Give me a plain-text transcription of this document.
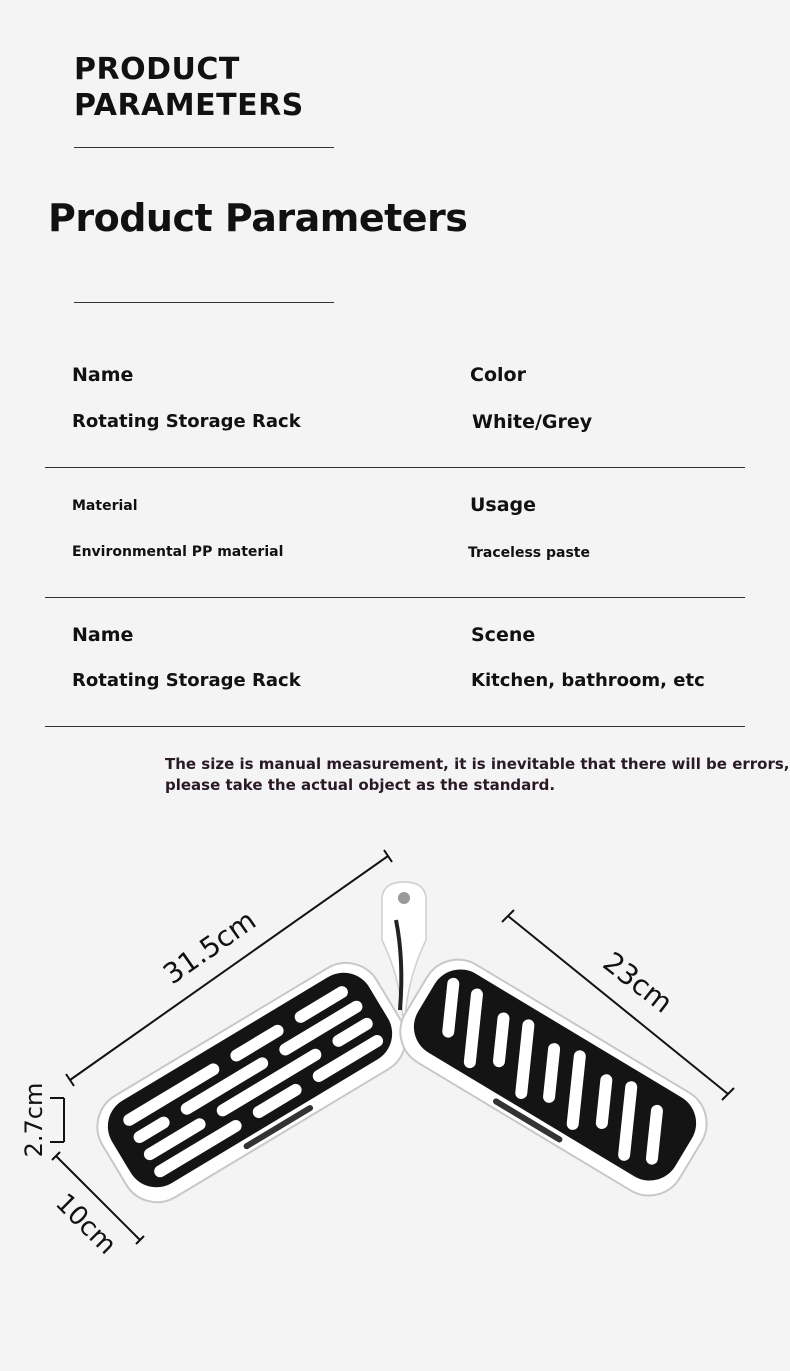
PRODUCT
PARAMETERS
Product Parameters
Name
Rotating Storage Rack
Color
White/Grey
Material
Environmental PP material
Usage
Traceless paste
Name
Rotating Storage Rack
Scene
Kitchen, bathroom, etc
The size is manual measurement, it is inevitable that there will be errors,
please take the actual object as the standard.
31.5cm	23cm
2.7cm
10cm
